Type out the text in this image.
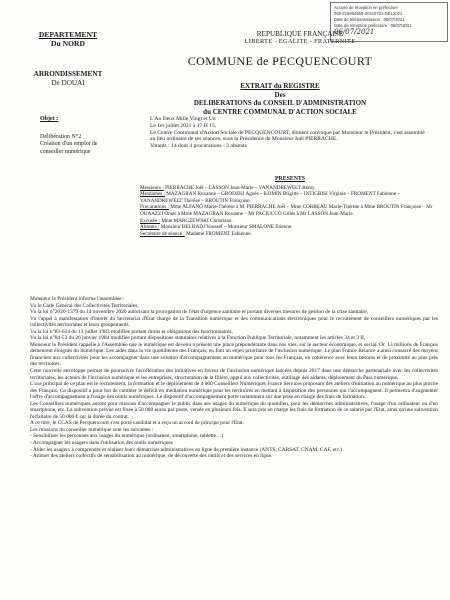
Accusé de réception en préfecture
059-215904556-20210701-DEL2021
Date de télétransmission : 05/07/2021
Date de réception préfecture : 05/07/2021
06/07/2021
DEPARTEMENT
Du NORD
ARRONDISSEMENT
De DOUAI
REPUBLIQUE FRANÇAISE
LIBERTE - EGALITE - FRATERNITE
COMMUNE de PECQUENCOURT
EXTRAIT du REGISTRE
Des
DELIBERATIONS du CONSEIL D'ADMINISTRATION
du CENTRE COMMUNAL D'ACTION SOCIALE
Objet :
Délibération N°2
Création d'un emploi de conseiller numérique

L'An Deux Mille Vingt et Un

Le 1er juillet 2021 à 17 H 15,

Le Centre Communal d'Action Sociale de PECQUENCOURT, dûment convoqué par Monsieur le Président, s'est assemblé au lieu ordinaire de ses séances, sous la Présidence de Monsieur Joël PIERRACHE.

Votants : 14 dont 4 procurations - 3 absents

PRESENTS

Messieurs : PIERRACHE Joël – LASSON Jean-Marie – VANANDREWELT Rémy.

Mesdames : MAZAGRAN Roxanne – GRODZKI Agnès – KOMIN Brigitte – INTIGRISI Virginie – FROMENT Fabienne – VANANDREWELT Thérèse – BROUTIN Françoise.

Procurations : Mme ALFANO Marie-Thérèse à M. PIERRACHE Joël – Mme CORREAU Marie-Thérèse à Mme BROUTIN Françoise – Mr OUAAZZI Omar à Mme MAZAGRAN Roxanne – Mr PACIUCCO Gilles à Mr LASSON Jean-Marie.

Excusée : Mme MARGZEWSKI Christiane.

Absents : Monsieur BELHADJ Youssef – Monsieur SMALONE Etienne.

Secrétaire de séance : Madame FROMENT Fabienne.

Monsieur le Président informe l'assemblée :

Vu le Code Général des Collectivités Territoriales,

Vu la loi n°2020-1379 du 14 novembre 2020 autorisant la prorogation de l'état d'urgence sanitaire et portant diverses mesures de gestion de la crise sanitaire,

Vu l'appel à manifestation d'intérêt du Secrétariat d'Etat chargé de la Transition numérique et des communications électroniques pour le recrutement de conseillers numériques par les collectivités territoriales et leurs groupements,

Vu la loi n°83-634 du 13 juillet 1983 modifiée portant droits et obligations des fonctionnaires,

Vu la loi n°84-53 du 26 janvier 1984 modifiée portant dispositions statutaires relatives à la Fonction Publique Territoriale, notamment les articles 34 et 3 II,

Monsieur le Président rappelle à l'Assemblée que le numérique est devenu a présent une place prépondérante dans nos vies, sur le secteur économique, et social. Or, 13 millions de Français demeurent éloignés du numérique. Les aides dans la vie quotidienne des Français, en font un enjeu prioritaire de l'inclusion numérique. Le plan France Relance a ainsi consacré des moyens financiers aux collectivités pour les accompagner dans une solution d'accompagnement au numérique pour tous les Français, en cohérence avec leurs besoins et de proximité au plus près des territoires.

Cette nouvelle enveloppe permet de poursuivre l'accélération des initiatives en faveur de l'inclusion numérique lancées depuis 2017 dans une démarche partenariale avec les collectivités territoriales, les acteurs de l'inclusion numérique et les entreprises, structuration de la filière, appui aux collectivités, outillage des aidants, déploiement du Pass numérique.

L'axe principal de ce plan est le recrutement, la formation et le déploiement de 4 000 Conseillers Numériques France Services proposant des ateliers d'initiation au numérique au plus proche des Français. Ce dispositif a pour but de combler le déficit en médiation numérique pour les territoires en mettant à disposition des personnes qui l'accompagnent. Il permettra d'augmenter l'offre d'accompagnement à l'usage des outils numériques. Le dispositif d'accompagnement porte notamment sur une prise en charge des frais de formation.

Les Conseillers numériques auront pour mission d'accompagner le public dans ses usages du numérique du quotidien, pour les démarches administratives, l'usage d'un ordinateur ou d'un smartphone, etc. La subvention prévue est fixée à 50 000 euros par poste, versée en plusieurs fois. Il sera pris en charge les frais de formation de ce salarié par l'Etat, ainsi qu'une subvention forfaitaire de 50 000 € sur la durée du contrat.

A ce titre, le CCAS de Pecquencourt s'est porté candidat et a reçu un accord de principe pour l'Etat.

Les missions du conseiller numérique sont les suivantes :

- Sensibiliser les personnes aux usages du numérique (ordinateur, smartphone, tablette…)

- Accompagner les usagers dans l'utilisation des outils numériques

- Aider les usagers à comprendre et réaliser leurs démarches administratives en ligne de première instance (ANTS, CARSAT, CNAM, CAF, etc.)

- Animer des ateliers collectifs de sensibilisation au numérique, de découverte des outils et des services en ligne.
